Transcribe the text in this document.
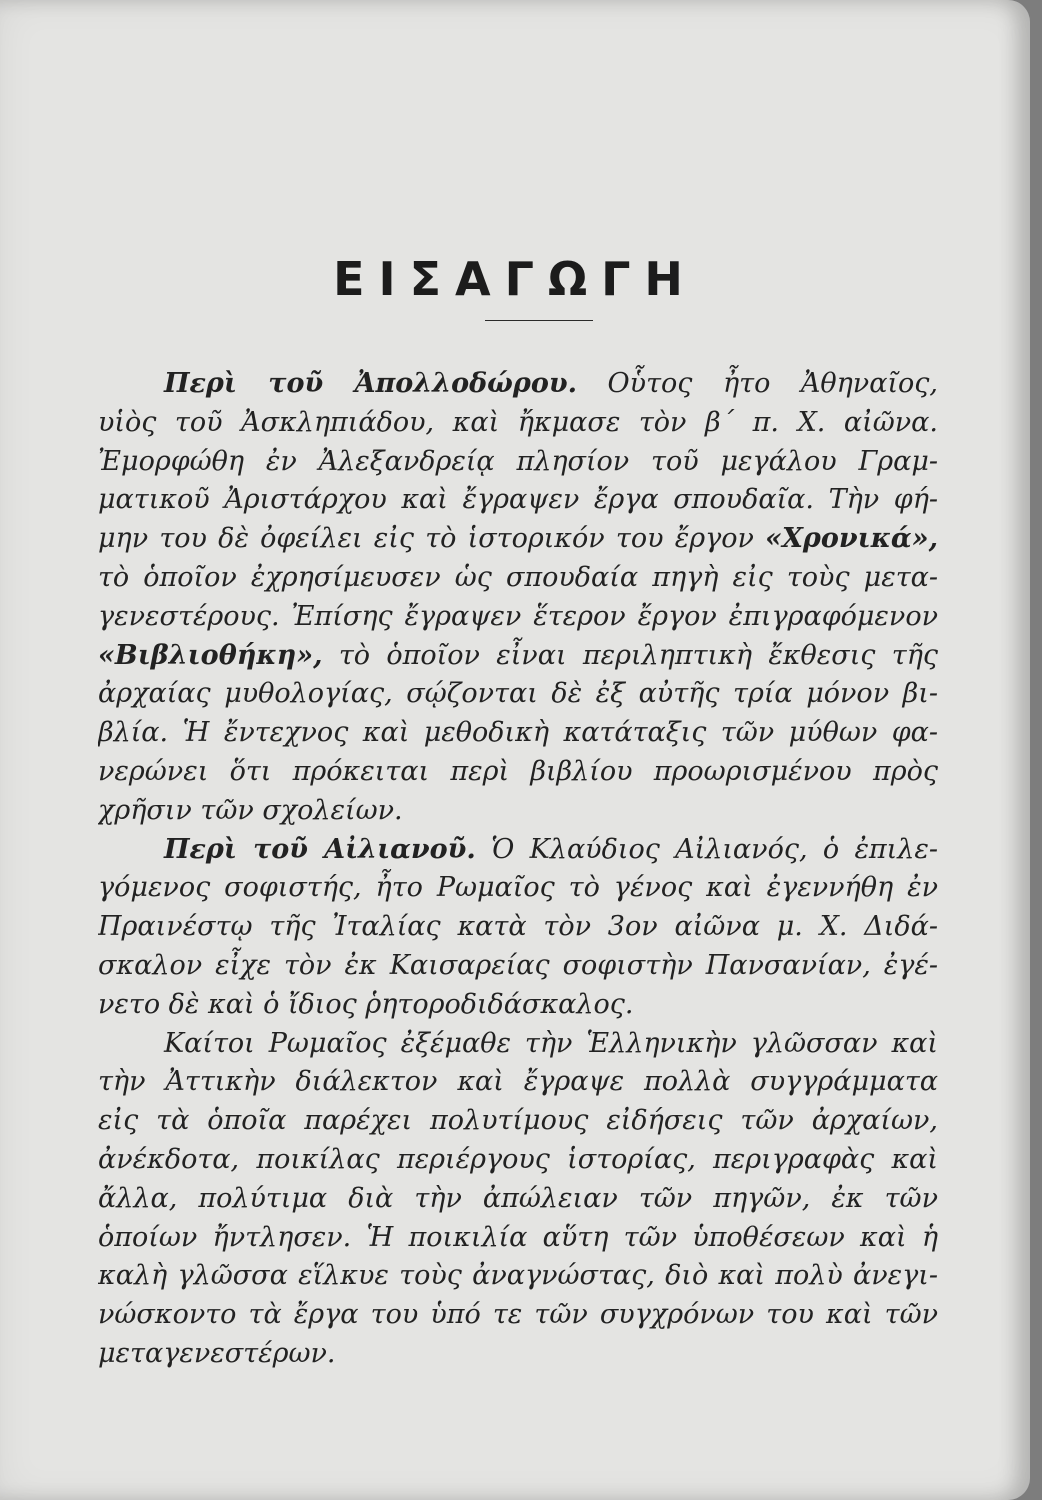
ΕΙΣΑΓΩΓΗ
Περὶ τοῦ Ἀπολλοδώρου. Οὗτος ἦτο Ἀθηναῖος,
υἱὸς τοῦ Ἀσκληπιάδου, καὶ ἤκμασε τὸν β΄ π. Χ. αἰῶνα.
Ἐμορφώθη ἐν Ἀλεξανδρείᾳ πλησίον τοῦ μεγάλου Γραμ-
ματικοῦ Ἀριστάρχου καὶ ἔγραψεν ἔργα σπουδαῖα. Τὴν φή-
μην του δὲ ὀφείλει εἰς τὸ ἱστορικόν του ἔργον «Χρονικά»,
τὸ ὁποῖον ἐχρησίμευσεν ὡς σπουδαία πηγὴ εἰς τοὺς μετα-
γενεστέρους. Ἐπίσης ἔγραψεν ἕτερον ἔργον ἐπιγραφόμενον
«Βιβλιοθήκη», τὸ ὁποῖον εἶναι περιληπτικὴ ἔκθεσις τῆς
ἀρχαίας μυθολογίας, σῴζονται δὲ ἐξ αὐτῆς τρία μόνον βι-
βλία. Ἡ ἔντεχνος καὶ μεθοδικὴ κατάταξις τῶν μύθων φα-
νερώνει ὅτι πρόκειται περὶ βιβλίου προωρισμένου πρὸς
χρῆσιν τῶν σχολείων.
Περὶ τοῦ Αἰλιανοῦ. Ὁ Κλαύδιος Αἰλιανός, ὁ ἐπιλε-
γόμενος σοφιστής, ἦτο Ρωμαῖος τὸ γένος καὶ ἐγεννήθη ἐν
Πραινέστῳ τῆς Ἰταλίας κατὰ τὸν 3ον αἰῶνα μ. Χ. Διδά-
σκαλον εἶχε τὸν ἐκ Καισαρείας σοφιστὴν Πανσανίαν, ἐγέ-
νετο δὲ καὶ ὁ ἴδιος ῥητοροδιδάσκαλος.
Καίτοι Ρωμαῖος ἐξέμαθε τὴν Ἑλληνικὴν γλῶσσαν καὶ
τὴν Ἀττικὴν διάλεκτον καὶ ἔγραψε πολλὰ συγγράμματα
εἰς τὰ ὁποῖα παρέχει πολυτίμους εἰδήσεις τῶν ἀρχαίων,
ἀνέκδοτα, ποικίλας περιέργους ἱστορίας, περιγραφὰς καὶ
ἄλλα, πολύτιμα διὰ τὴν ἀπώλειαν τῶν πηγῶν, ἐκ τῶν
ὁποίων ἤντλησεν. Ἡ ποικιλία αὕτη τῶν ὑποθέσεων καὶ ἡ
καλὴ γλῶσσα εἵλκυε τοὺς ἀναγνώστας, διὸ καὶ πολὺ ἀνεγι-
νώσκοντο τὰ ἔργα του ὑπό τε τῶν συγχρόνων του καὶ τῶν
μεταγενεστέρων.
